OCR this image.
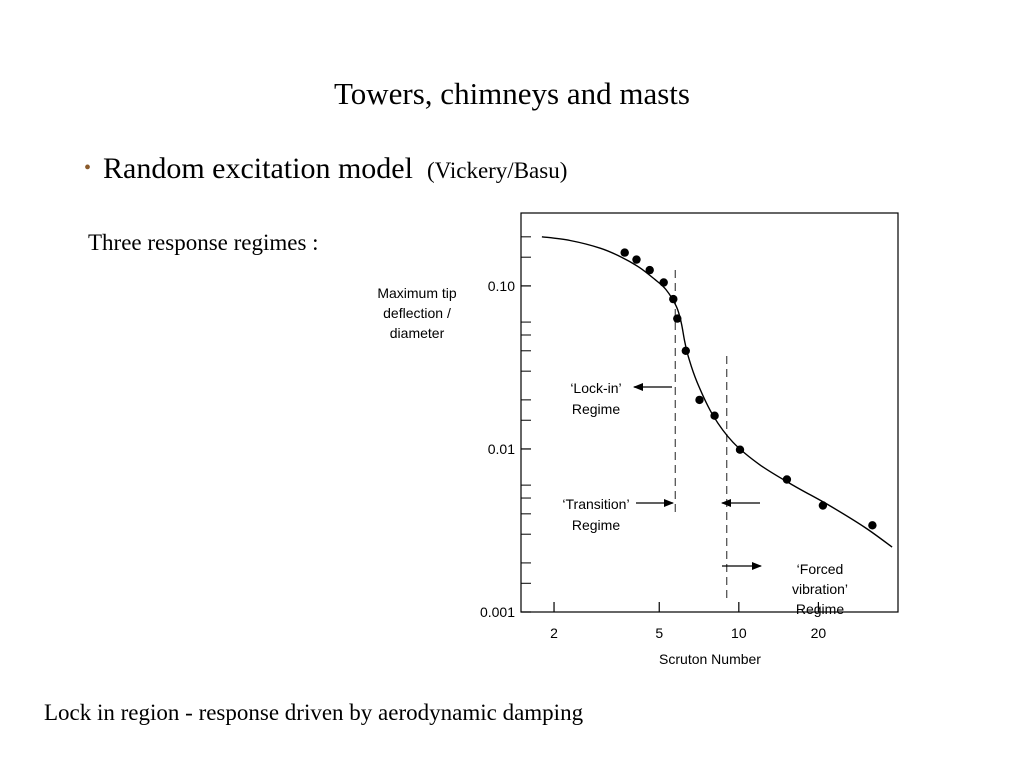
Towers, chimneys and masts
• Random excitation model (Vickery/Basu)
Three response regimes :
Maximum tip
deflection /
diameter
Scruton Number
‘Lock-in’
Regime
‘Transition’
Regime
‘Forced
vibration’
Regime
0.001
0.01
0.10
2	5	10	20
Lock in region - response driven by aerodynamic damping
